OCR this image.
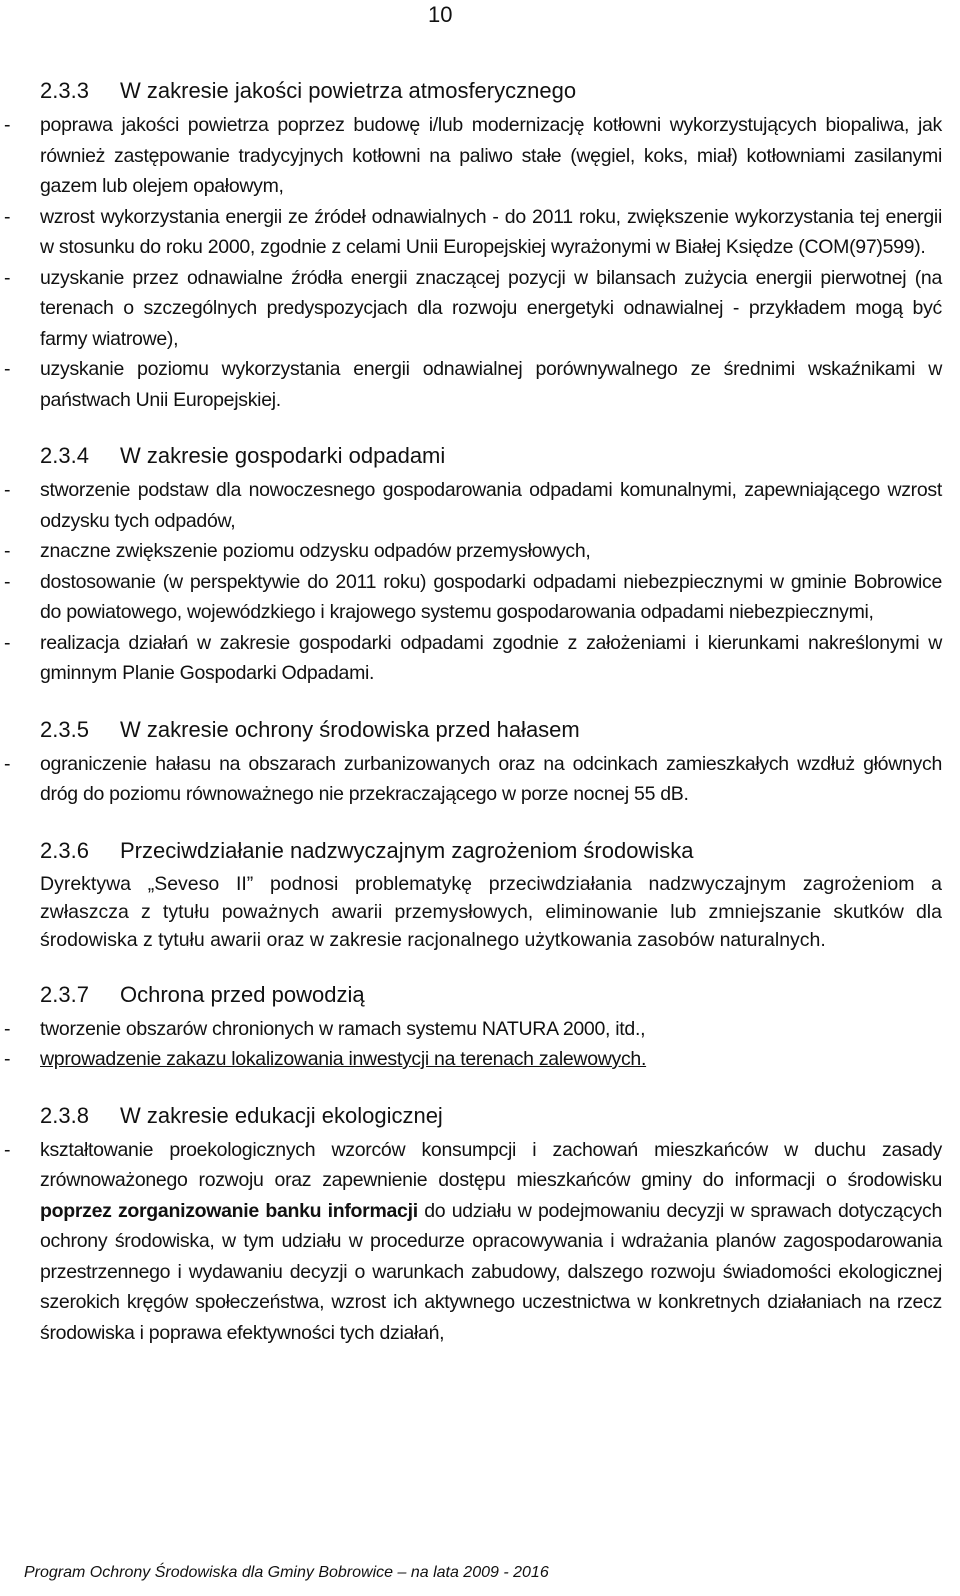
10
2.3.3	W zakresie jakości powietrza atmosferycznego
- poprawa jakości powietrza poprzez budowę i/lub modernizację kotłowni wykorzystujących biopaliwa, jak również zastępowanie tradycyjnych kotłowni na paliwo stałe (węgiel, koks, miał) kotłowniami zasilanymi gazem lub olejem opałowym,
- wzrost wykorzystania energii ze źródeł odnawialnych - do 2011 roku, zwiększenie wykorzystania tej energii w stosunku do roku 2000, zgodnie z celami Unii Europejskiej wyrażonymi w Białej Księdze (COM(97)599).
- uzyskanie przez odnawialne źródła energii znaczącej pozycji w bilansach zużycia energii pierwotnej (na terenach o szczególnych predyspozycjach dla rozwoju energetyki odnawialnej - przykładem mogą być farmy wiatrowe),
- uzyskanie poziomu wykorzystania energii odnawialnej porównywalnego ze średnimi wskaźnikami w państwach Unii Europejskiej.
2.3.4	W zakresie gospodarki odpadami
- stworzenie podstaw dla nowoczesnego gospodarowania odpadami komunalnymi, zapewniającego wzrost odzysku tych odpadów,
- znaczne zwiększenie poziomu odzysku odpadów przemysłowych,
- dostosowanie (w perspektywie do 2011 roku) gospodarki odpadami niebezpiecznymi w gminie Bobrowice do powiatowego, wojewódzkiego i krajowego systemu gospodarowania odpadami niebezpiecznymi,
- realizacja działań w zakresie gospodarki odpadami zgodnie z założeniami i kierunkami nakreślonymi w gminnym Planie Gospodarki Odpadami.
2.3.5	W zakresie ochrony środowiska przed hałasem
- ograniczenie hałasu na obszarach zurbanizowanych oraz na odcinkach zamieszkałych wzdłuż głównych dróg do poziomu równoważnego nie przekraczającego w porze nocnej 55 dB.
2.3.6	Przeciwdziałanie nadzwyczajnym zagrożeniom środowiska

Dyrektywa „Seveso II” podnosi problematykę przeciwdziałania nadzwyczajnym zagrożeniom a zwłaszcza z tytułu poważnych awarii przemysłowych, eliminowanie lub zmniejszanie skutków dla środowiska z tytułu awarii oraz w zakresie racjonalnego użytkowania zasobów naturalnych.

2.3.7	Ochrona przed powodzią
- tworzenie obszarów chronionych w ramach systemu NATURA 2000, itd.,
- wprowadzenie zakazu lokalizowania inwestycji na terenach zalewowych.
2.3.8	W zakresie edukacji ekologicznej
- kształtowanie proekologicznych wzorców konsumpcji i zachowań mieszkańców w duchu zasady zrównoważonego rozwoju oraz zapewnienie dostępu mieszkańców gminy do informacji o środowisku poprzez zorganizowanie banku informacji do udziału w podejmowaniu decyzji w sprawach dotyczących ochrony środowiska, w tym udziału w procedurze opracowywania i wdrażania planów zagospodarowania przestrzennego i wydawaniu decyzji o warunkach zabudowy, dalszego rozwoju świadomości ekologicznej szerokich kręgów społeczeństwa, wzrost ich aktywnego uczestnictwa w konkretnych działaniach na rzecz środowiska i poprawa efektywności tych działań,
Program Ochrony Środowiska dla Gminy Bobrowice – na lata 2009 - 2016
